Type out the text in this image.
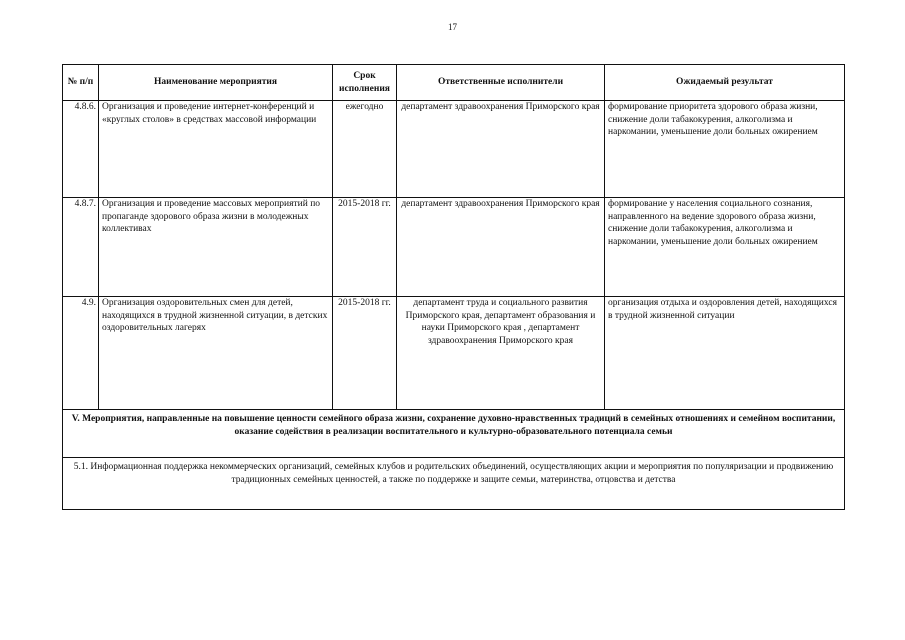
17
№ п/п	Наименование мероприятия	Срок исполнения	Ответственные исполнители	Ожидаемый результат
4.8.6.	Организация и проведение интернет-конференций и «круглых столов» в средствах массовой информации	ежегодно	департамент здравоохранения Приморского края	формирование приоритета здорового образа жизни, снижение доли табакокурения, алкоголизма и наркомании, уменьшение доли больных ожирением
4.8.7.	Организация и проведение массовых мероприятий по пропаганде здорового образа жизни в молодежных коллективах	2015-2018 гг.	департамент здравоохранения Приморского края	формирование у населения социального сознания, направленного на ведение здорового образа жизни, снижение доли табакокурения, алкоголизма и наркомании, уменьшение доли больных ожирением
4.9.	Организация оздоровительных смен для детей, находящихся в трудной жизненной ситуации, в детских оздоровительных лагерях	2015-2018 гг.	департамент труда и социального развития Приморского края, департамент образования и науки Приморского края , департамент здравоохранения Приморского края	организация отдыха и оздоровления детей, находящихся в трудной жизненной ситуации
V. Мероприятия, направленные на повышение ценности семейного образа жизни, сохранение духовно-нравственных традиций в семейных отношениях и семейном воспитании, оказание содействия в реализации воспитательного и культурно-образовательного потенциала семьи				
5.1. Информационная поддержка некоммерческих организаций, семейных клубов и родительских объединений, осуществляющих акции и мероприятия по популяризации и продвижению традиционных семейных ценностей, а также по поддержке и защите семьи, материнства, отцовства и детства				
